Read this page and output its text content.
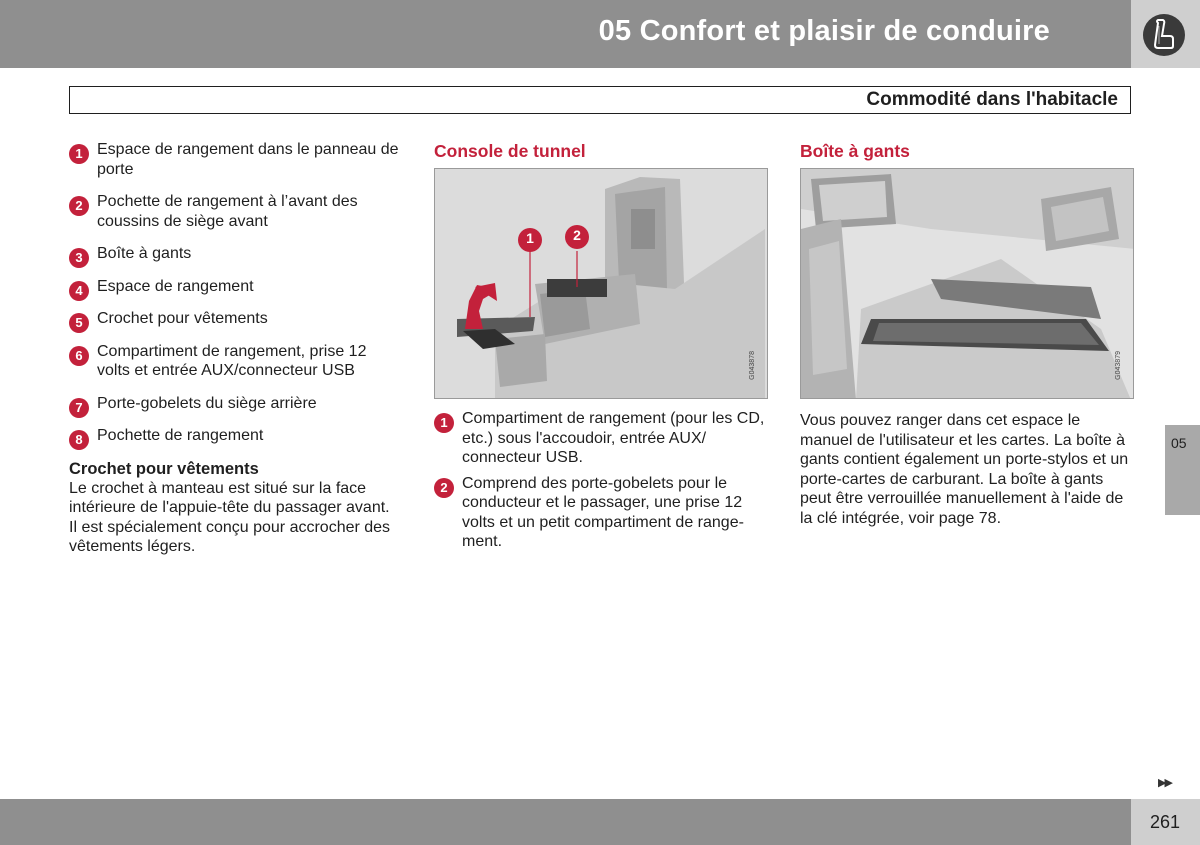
05 Confort et plaisir de conduire
Commodité dans l'habitacle
1 Espace de rangement dans le panneau de porte
2 Pochette de rangement à l’avant des coussins de siège avant
3 Boîte à gants
4 Espace de rangement
5 Crochet pour vêtements
6 Compartiment de rangement, prise 12 volts et entrée AUX/connecteur USB
7 Porte-gobelets du siège arrière
8 Pochette de rangement
Crochet pour vêtements

Le crochet à manteau est situé sur la face intérieure de l'appuie-tête du passager avant. Il est spécialement conçu pour accrocher des vêtements légers.

Console de tunnel
1	2
G043878
1 Compartiment de rangement (pour les CD, etc.) sous l'accoudoir, entrée AUX/ connecteur USB.
2 Comprend des porte-gobelets pour le conducteur et le passager, une prise 12 volts et un petit compartiment de range- ment.
Boîte à gants
G043879

Vous pouvez ranger dans cet espace le manuel de l'utilisateur et les cartes. La boîte à gants contient également un porte-stylos et un porte-cartes de carburant. La boîte à gants peut être verrouillée manuellement à l'aide de la clé intégrée, voir page 78.

05
▶▶
261
